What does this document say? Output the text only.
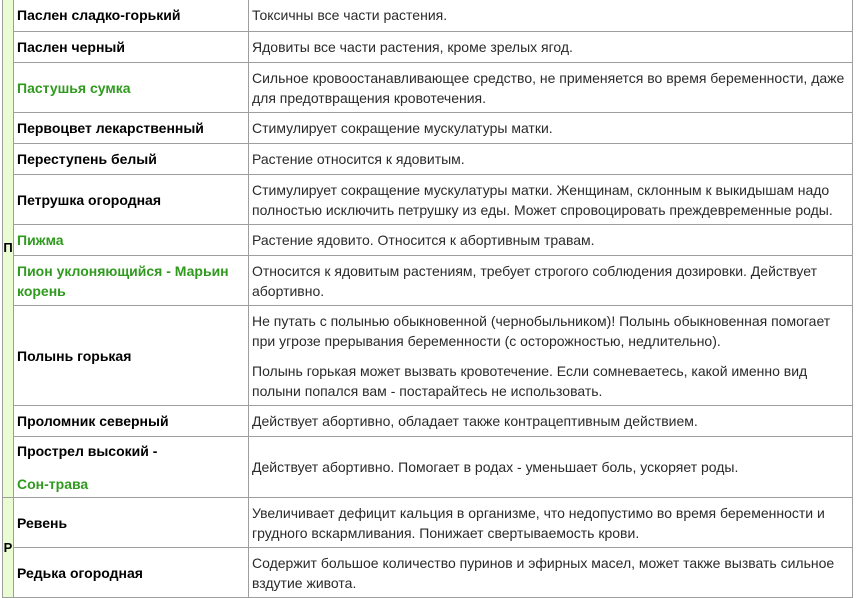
П	Паслен сладко-горький	Токсичны все части растения.

	Паслен черный	Ядовиты все части растения, кроме зрелых ягод.

	Пастушья сумка	Сильное кровоостанавливающее средство, не применяется во время беременности, даже для предотвращения кровотечения.

	Первоцвет лекарственный	Стимулирует сокращение мускулатуры матки.

	Переступень белый	Растение относится к ядовитым.

	Петрушка огородная	Стимулирует сокращение мускулатуры матки. Женщинам, склонным к выкидышам надо полностью исключить петрушку из еды. Может спровоцировать преждевременные роды.

	Пижма	Растение ядовито. Относится к абортивным травам.

	Пион уклоняющийся - Марьин корень	Относится к ядовитым растениям, требует строгого соблюдения дозировки. Действует абортивно.

	Полынь горькая	Не путать с полынью обыкновенной (чернобыльником)! Полынь обыкновенная помогает при угрозе прерывания беременности (с осторожностью, недлительно).

Полынь горькая может вызвать кровотечение. Если сомневаетесь, какой именно вид полыни попался вам - постарайтесь не использовать.

	Проломник северный	Действует абортивно, обладает также контрацептивным действием.

	Прострел высокий -
Сон-трава	Действует абортивно. Помогает в родах - уменьшает боль, ускоряет роды.

Р	Ревень	Увеличивает дефицит кальция в организме, что недопустимо во время беременности и грудного вскармливания. Понижает свертываемость крови.

	Редька огородная	Содержит большое количество пуринов и эфирных масел, может также вызвать сильное вздутие живота.
